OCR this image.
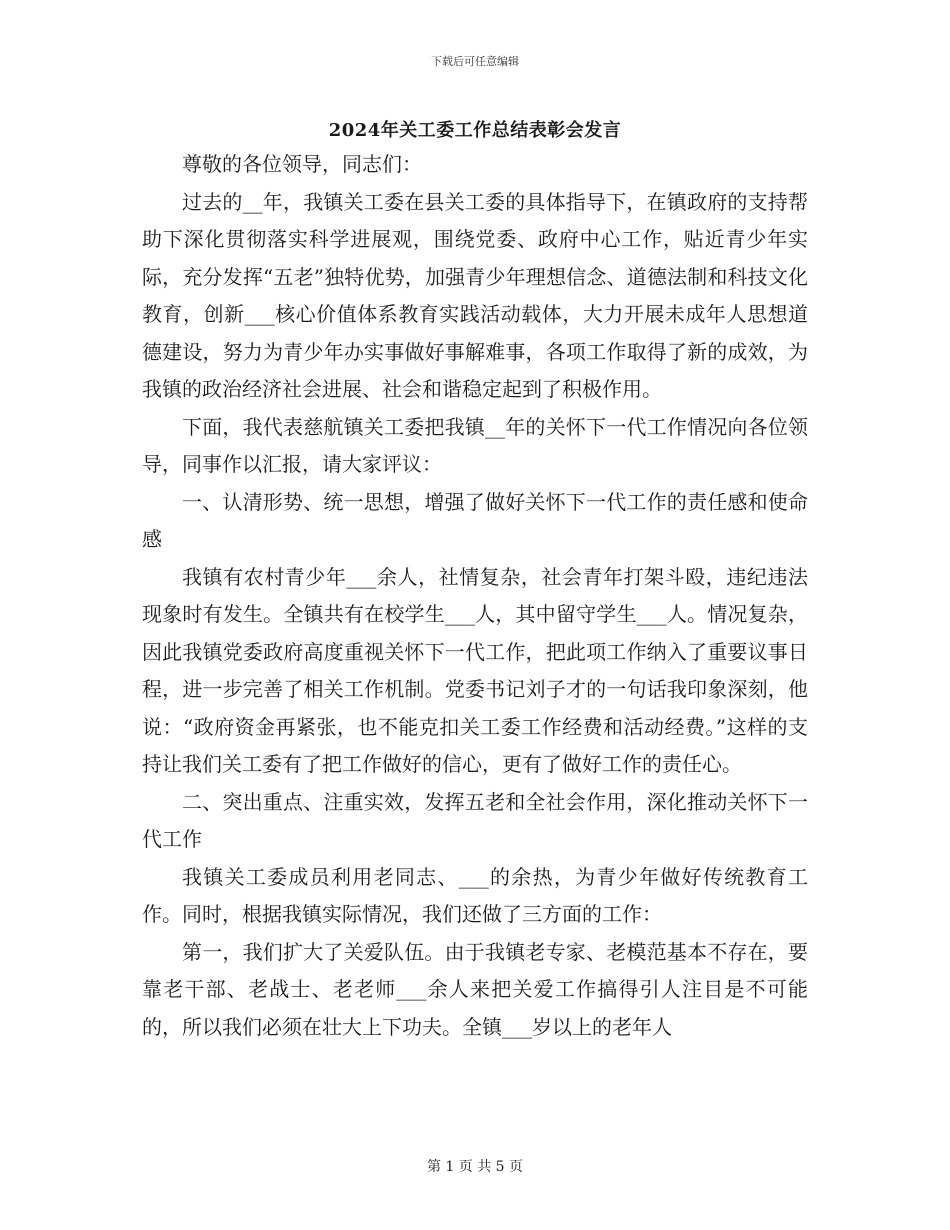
下载后可任意编辑
2024年关工委工作总结表彰会发言

尊敬的各位领导，同志们：

过去的__年，我镇关工委在县关工委的具体指导下，在镇政府的支持帮助下深化贯彻落实科学进展观，围绕党委、政府中心工作，贴近青少年实际，充分发挥“五老”独特优势，加强青少年理想信念、道德法制和科技文化教育，创新___核心价值体系教育实践活动载体，大力开展未成年人思想道德建设，努力为青少年办实事做好事解难事，各项工作取得了新的成效，为我镇的政治经济社会进展、社会和谐稳定起到了积极作用。

下面，我代表慈航镇关工委把我镇__年的关怀下一代工作情况向各位领导，同事作以汇报，请大家评议：

一、认清形势、统一思想，增强了做好关怀下一代工作的责任感和使命感

我镇有农村青少年___余人，社情复杂，社会青年打架斗殴，违纪违法现象时有发生。全镇共有在校学生___人，其中留守学生___人。情况复杂，因此我镇党委政府高度重视关怀下一代工作，把此项工作纳入了重要议事日程，进一步完善了相关工作机制。党委书记刘子才的一句话我印象深刻，他说：“政府资金再紧张，也不能克扣关工委工作经费和活动经费。”这样的支持让我们关工委有了把工作做好的信心，更有了做好工作的责任心。

二、突出重点、注重实效，发挥五老和全社会作用，深化推动关怀下一代工作

我镇关工委成员利用老同志、___的余热，为青少年做好传统教育工作。同时，根据我镇实际情况，我们还做了三方面的工作：

第一，我们扩大了关爱队伍。由于我镇老专家、老模范基本不存在，要靠老干部、老战士、老老师___余人来把关爱工作搞得引人注目是不可能的，所以我们必须在壮大上下功夫。全镇___岁以上的老年人

第 1 页 共 5 页
